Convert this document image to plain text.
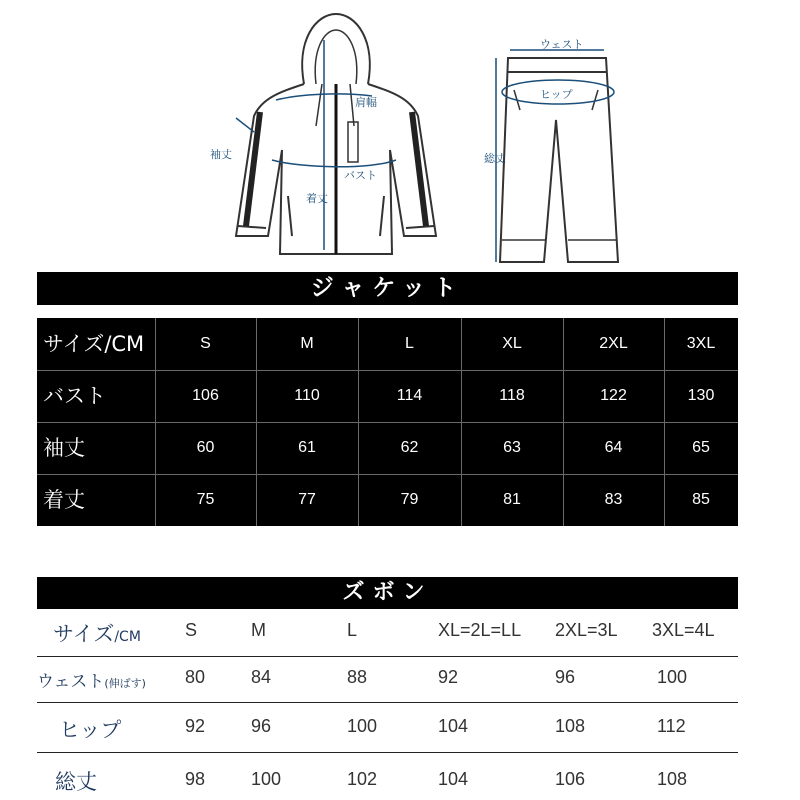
袖丈
肩幅
バスト
着丈
ウェスト
ヒップ
総丈
ジャケット
サイズ/CM	S	M	L	XL	2XL	3XL
バスト	106	110	114	118	122	130
袖丈	60	61	62	63	64	65
着丈	75	77	79	81	83	85
ズボン
サイズ/CM S	M	L	XL=2L=LL 2XL=3L 3XL=4L
ウェスト(伸ばす) 80	84	88	92	96	100
ヒップ	92	96	100	104	108	112
総丈	98	100	102	104	106	108
